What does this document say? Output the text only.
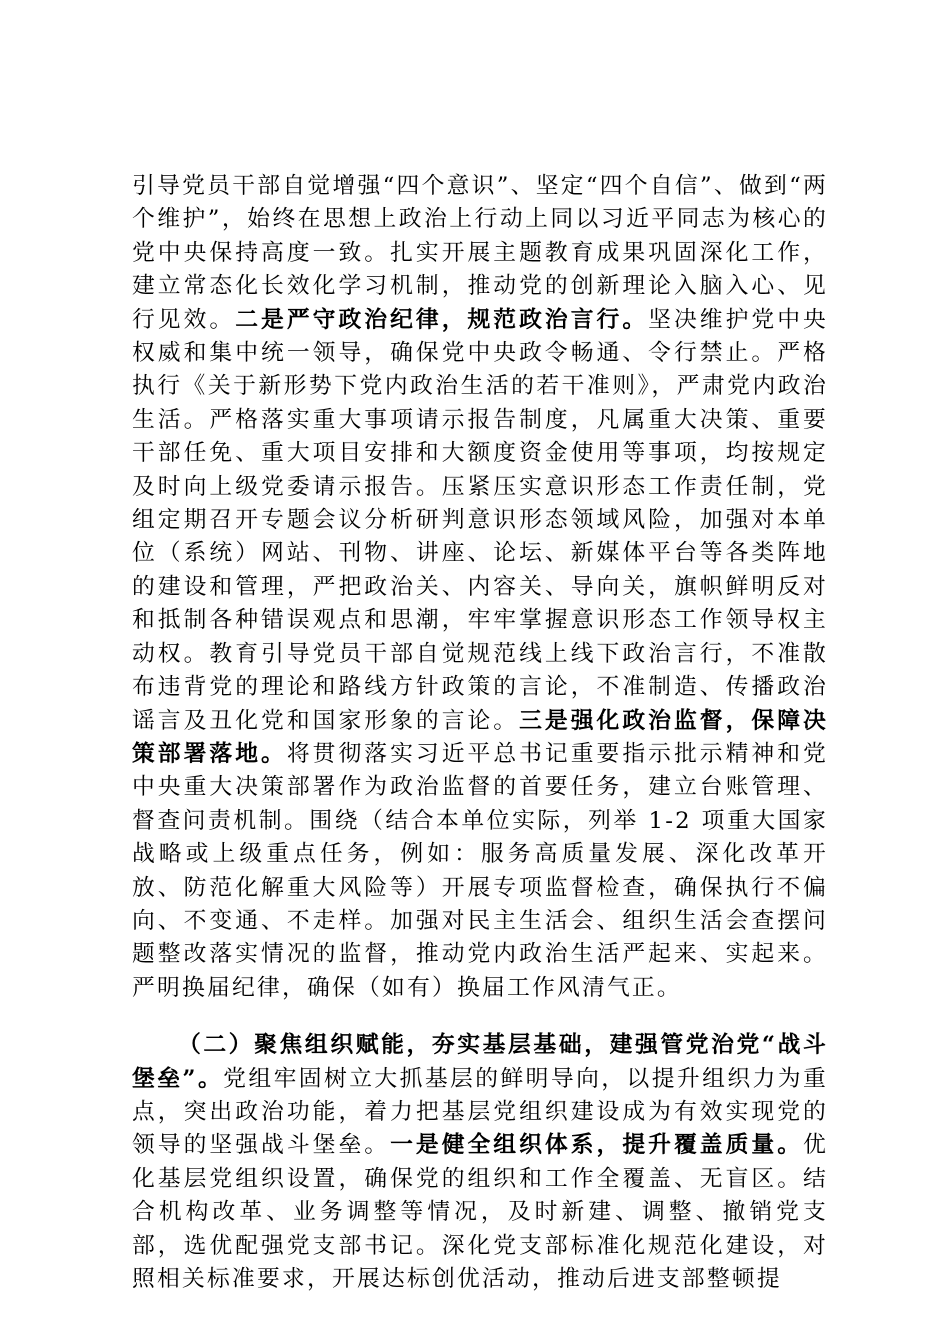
引导党员干部自觉增强“四个意识”、坚定“四个自信”、做到“两个维护”，始终在思想上政治上行动上同以习近平同志为核心的党中央保持高度一致。扎实开展主题教育成果巩固深化工作，建立常态化长效化学习机制，推动党的创新理论入脑入心、见行见效。二是严守政治纪律，规范政治言行。坚决维护党中央权威和集中统一领导，确保党中央政令畅通、令行禁止。严格执行《关于新形势下党内政治生活的若干准则》，严肃党内政治生活。严格落实重大事项请示报告制度，凡属重大决策、重要干部任免、重大项目安排和大额度资金使用等事项，均按规定及时向上级党委请示报告。压紧压实意识形态工作责任制，党组定期召开专题会议分析研判意识形态领域风险，加强对本单位（系统）网站、刊物、讲座、论坛、新媒体平台等各类阵地的建设和管理，严把政治关、内容关、导向关，旗帜鲜明反对和抵制各种错误观点和思潮，牢牢掌握意识形态工作领导权主动权。教育引导党员干部自觉规范线上线下政治言行，不准散布违背党的理论和路线方针政策的言论，不准制造、传播政治谣言及丑化党和国家形象的言论。三是强化政治监督，保障决策部署落地。将贯彻落实习近平总书记重要指示批示精神和党中央重大决策部署作为政治监督的首要任务，建立台账管理、督查问责机制。围绕（结合本单位实际，列举 1-2 项重大国家战略或上级重点任务，例如：服务高质量发展、深化改革开放、防范化解重大风险等）开展专项监督检查，确保执行不偏向、不变通、不走样。加强对民主生活会、组织生活会查摆问题整改落实情况的监督，推动党内政治生活严起来、实起来。严明换届纪律，确保（如有）换届工作风清气正。

（二）聚焦组织赋能，夯实基层基础，建强管党治党“战斗堡垒”。党组牢固树立大抓基层的鲜明导向，以提升组织力为重点，突出政治功能，着力把基层党组织建设成为有效实现党的领导的坚强战斗堡垒。一是健全组织体系，提升覆盖质量。优化基层党组织设置，确保党的组织和工作全覆盖、无盲区。结合机构改革、业务调整等情况，及时新建、调整、撤销党支部，选优配强党支部书记。深化党支部标准化规范化建设，对照相关标准要求，开展达标创优活动，推动后进支部整顿提
